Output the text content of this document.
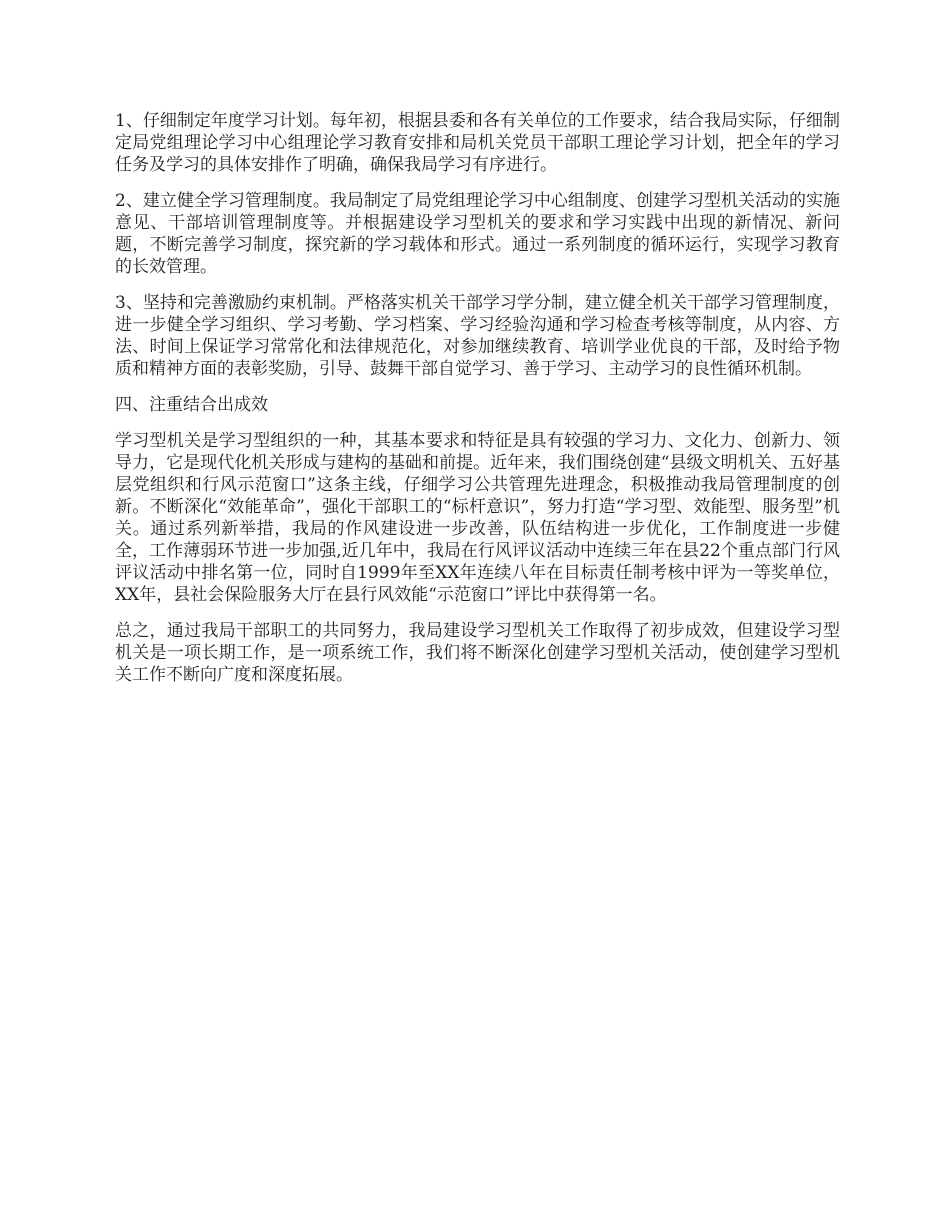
1、仔细制定年度学习计划。每年初，根据县委和各有关单位的工作要求，结合我局实际，仔细制定局党组理论学习中心组理论学习教育安排和局机关党员干部职工理论学习计划，把全年的学习任务及学习的具体安排作了明确，确保我局学习有序进行。

2、建立健全学习管理制度。我局制定了局党组理论学习中心组制度、创建学习型机关活动的实施意见、干部培训管理制度等。并根据建设学习型机关的要求和学习实践中出现的新情况、新问题，不断完善学习制度，探究新的学习载体和形式。通过一系列制度的循环运行，实现学习教育的长效管理。

3、坚持和完善激励约束机制。严格落实机关干部学习学分制，建立健全机关干部学习管理制度，进一步健全学习组织、学习考勤、学习档案、学习经验沟通和学习检查考核等制度，从内容、方法、时间上保证学习常常化和法律规范化，对参加继续教育、培训学业优良的干部，及时给予物质和精神方面的表彰奖励，引导、鼓舞干部自觉学习、善于学习、主动学习的良性循环机制。

四、注重结合出成效

学习型机关是学习型组织的一种，其基本要求和特征是具有较强的学习力、文化力、创新力、领导力，它是现代化机关形成与建构的基础和前提。近年来，我们围绕创建“县级文明机关、五好基层党组织和行风示范窗口”这条主线，仔细学习公共管理先进理念，积极推动我局管理制度的创新。不断深化“效能革命”，强化干部职工的“标杆意识”，努力打造“学习型、效能型、服务型”机关。通过系列新举措，我局的作风建设进一步改善，队伍结构进一步优化，工作制度进一步健全，工作薄弱环节进一步加强,近几年中，我局在行风评议活动中连续三年在县22个重点部门行风评议活动中排名第一位，同时自1999年至XX年连续八年在目标责任制考核中评为一等奖单位，XX年，县社会保险服务大厅在县行风效能“示范窗口”评比中获得第一名。

总之，通过我局干部职工的共同努力，我局建设学习型机关工作取得了初步成效，但建设学习型机关是一项长期工作，是一项系统工作，我们将不断深化创建学习型机关活动，使创建学习型机关工作不断向广度和深度拓展。
